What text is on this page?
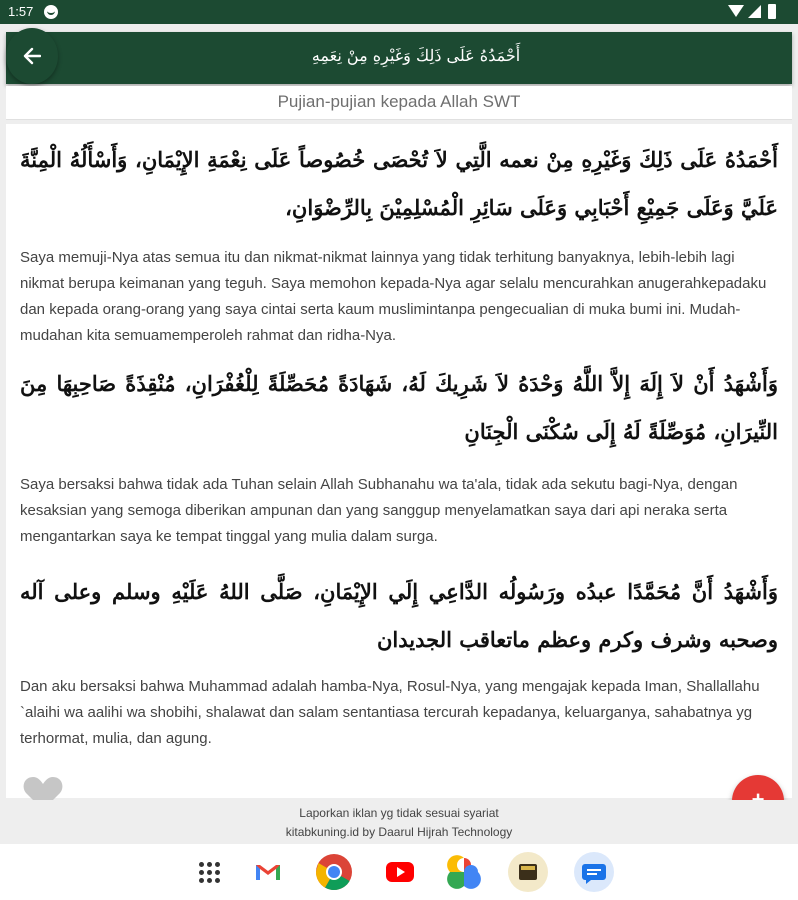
1:57
أَحْمَدُهُ عَلَى ذَلِكَ وَغَيْرِهِ مِنْ نِعَمِهِ
Pujian-pujian kepada Allah SWT
أَحْمَدُهُ عَلَى ذَلِكَ وَغَيْرِهِ مِنْ نعمه الَّتِي لاَ تُحْصَى خُصُوصاً عَلَى نِعْمَةِ الإِيْمَانِ، وَأَسْأَلُهُ الْمِنَّةَ عَلَيَّ وَعَلَى جَمِيْعِ أَحْبَابِي وَعَلَى سَائِرِ الْمُسْلِمِيْنَ بِالرِّضْوَانِ،
Saya memuji-Nya atas semua itu dan nikmat-nikmat lainnya yang tidak terhitung banyaknya, lebih-lebih lagi nikmat berupa keimanan yang teguh. Saya memohon kepada-Nya agar selalu mencurahkan anugerahkepadaku dan kepada orang-orang yang saya cintai serta kaum muslimintanpa pengecualian di muka bumi ini. Mudah-mudahan kita semuamemperoleh rahmat dan ridha-Nya.
وَأَشْهَدُ أَنْ لاَ إِلَهَ إِلاَّ اللَّهُ وَحْدَهُ لاَ شَرِيكَ لَهُ، شَهَادَةً مُحَصِّلَةً لِلْغُفْرَانِ، مُنْقِذَةً صَاحِبِهَا مِنَ النِّيرَانِ، مُوَصِّلَةً لَهُ إِلَى سُكْنَى الْجِنَانِ
Saya bersaksi bahwa tidak ada Tuhan selain Allah Subhanahu wa ta'ala, tidak ada sekutu bagi-Nya, dengan kesaksian yang semoga diberikan ampunan dan yang sanggup menyelamatkan saya dari api neraka serta mengantarkan saya ke tempat tinggal yang mulia dalam surga.
وَأَشْهَدُ أَنَّ مُحَمَّدًا عبدُه ورَسُولُه الدَّاعِي إِلَي الإِيْمَانِ، صَلَّى اللهُ عَلَيْهِ وسلم وعلى آله وصحبه وشرف وكرم وعظم ماتعاقب الجديدان
Dan aku bersaksi bahwa Muhammad adalah hamba-Nya, Rosul-Nya, yang mengajak kepada Iman, Shallallahu `alaihi wa aalihi wa shobihi, shalawat dan salam sentantiasa tercurah kepadanya, keluarganya, sahabatnya yg terhormat, mulia, dan agung.
Laporkan iklan yg tidak sesuai syariat
kitabkuning.id by Daarul Hijrah Technology
